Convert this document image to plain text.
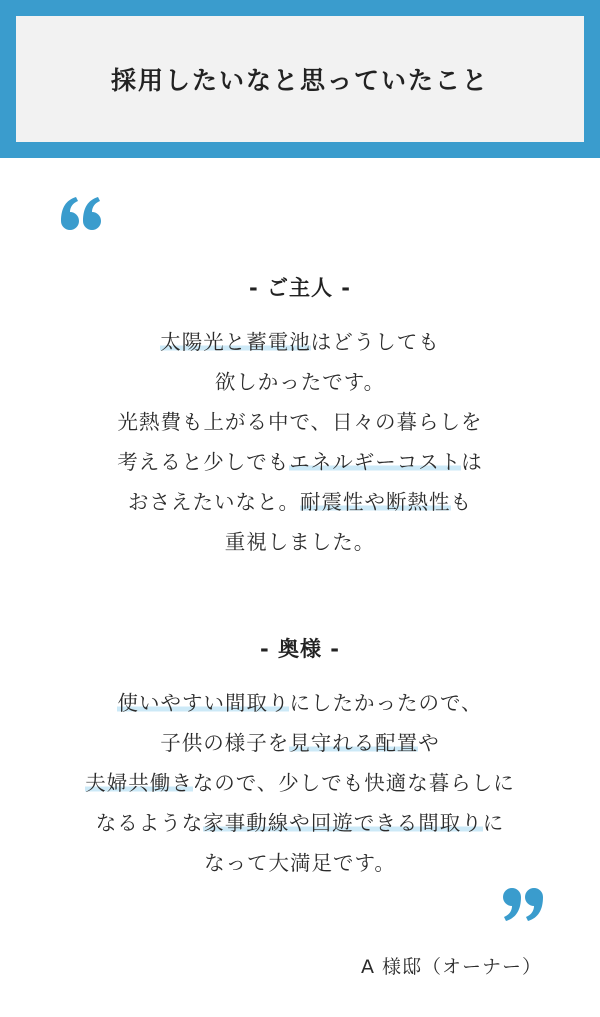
採用したいなと思っていたこと
- ご主人 -
太陽光と蓄電池はどうしても
欲しかったです。
光熱費も上がる中で、日々の暮らしを
考えると少しでもエネルギーコストは
おさえたいなと。耐震性や断熱性も
重視しました。
- 奥様 -
使いやすい間取りにしたかったので、
子供の様子を見守れる配置や
夫婦共働きなので、少しでも快適な暮らしに
なるような家事動線や回遊できる間取りに
なって大満足です。
A 様邸（オーナー）
